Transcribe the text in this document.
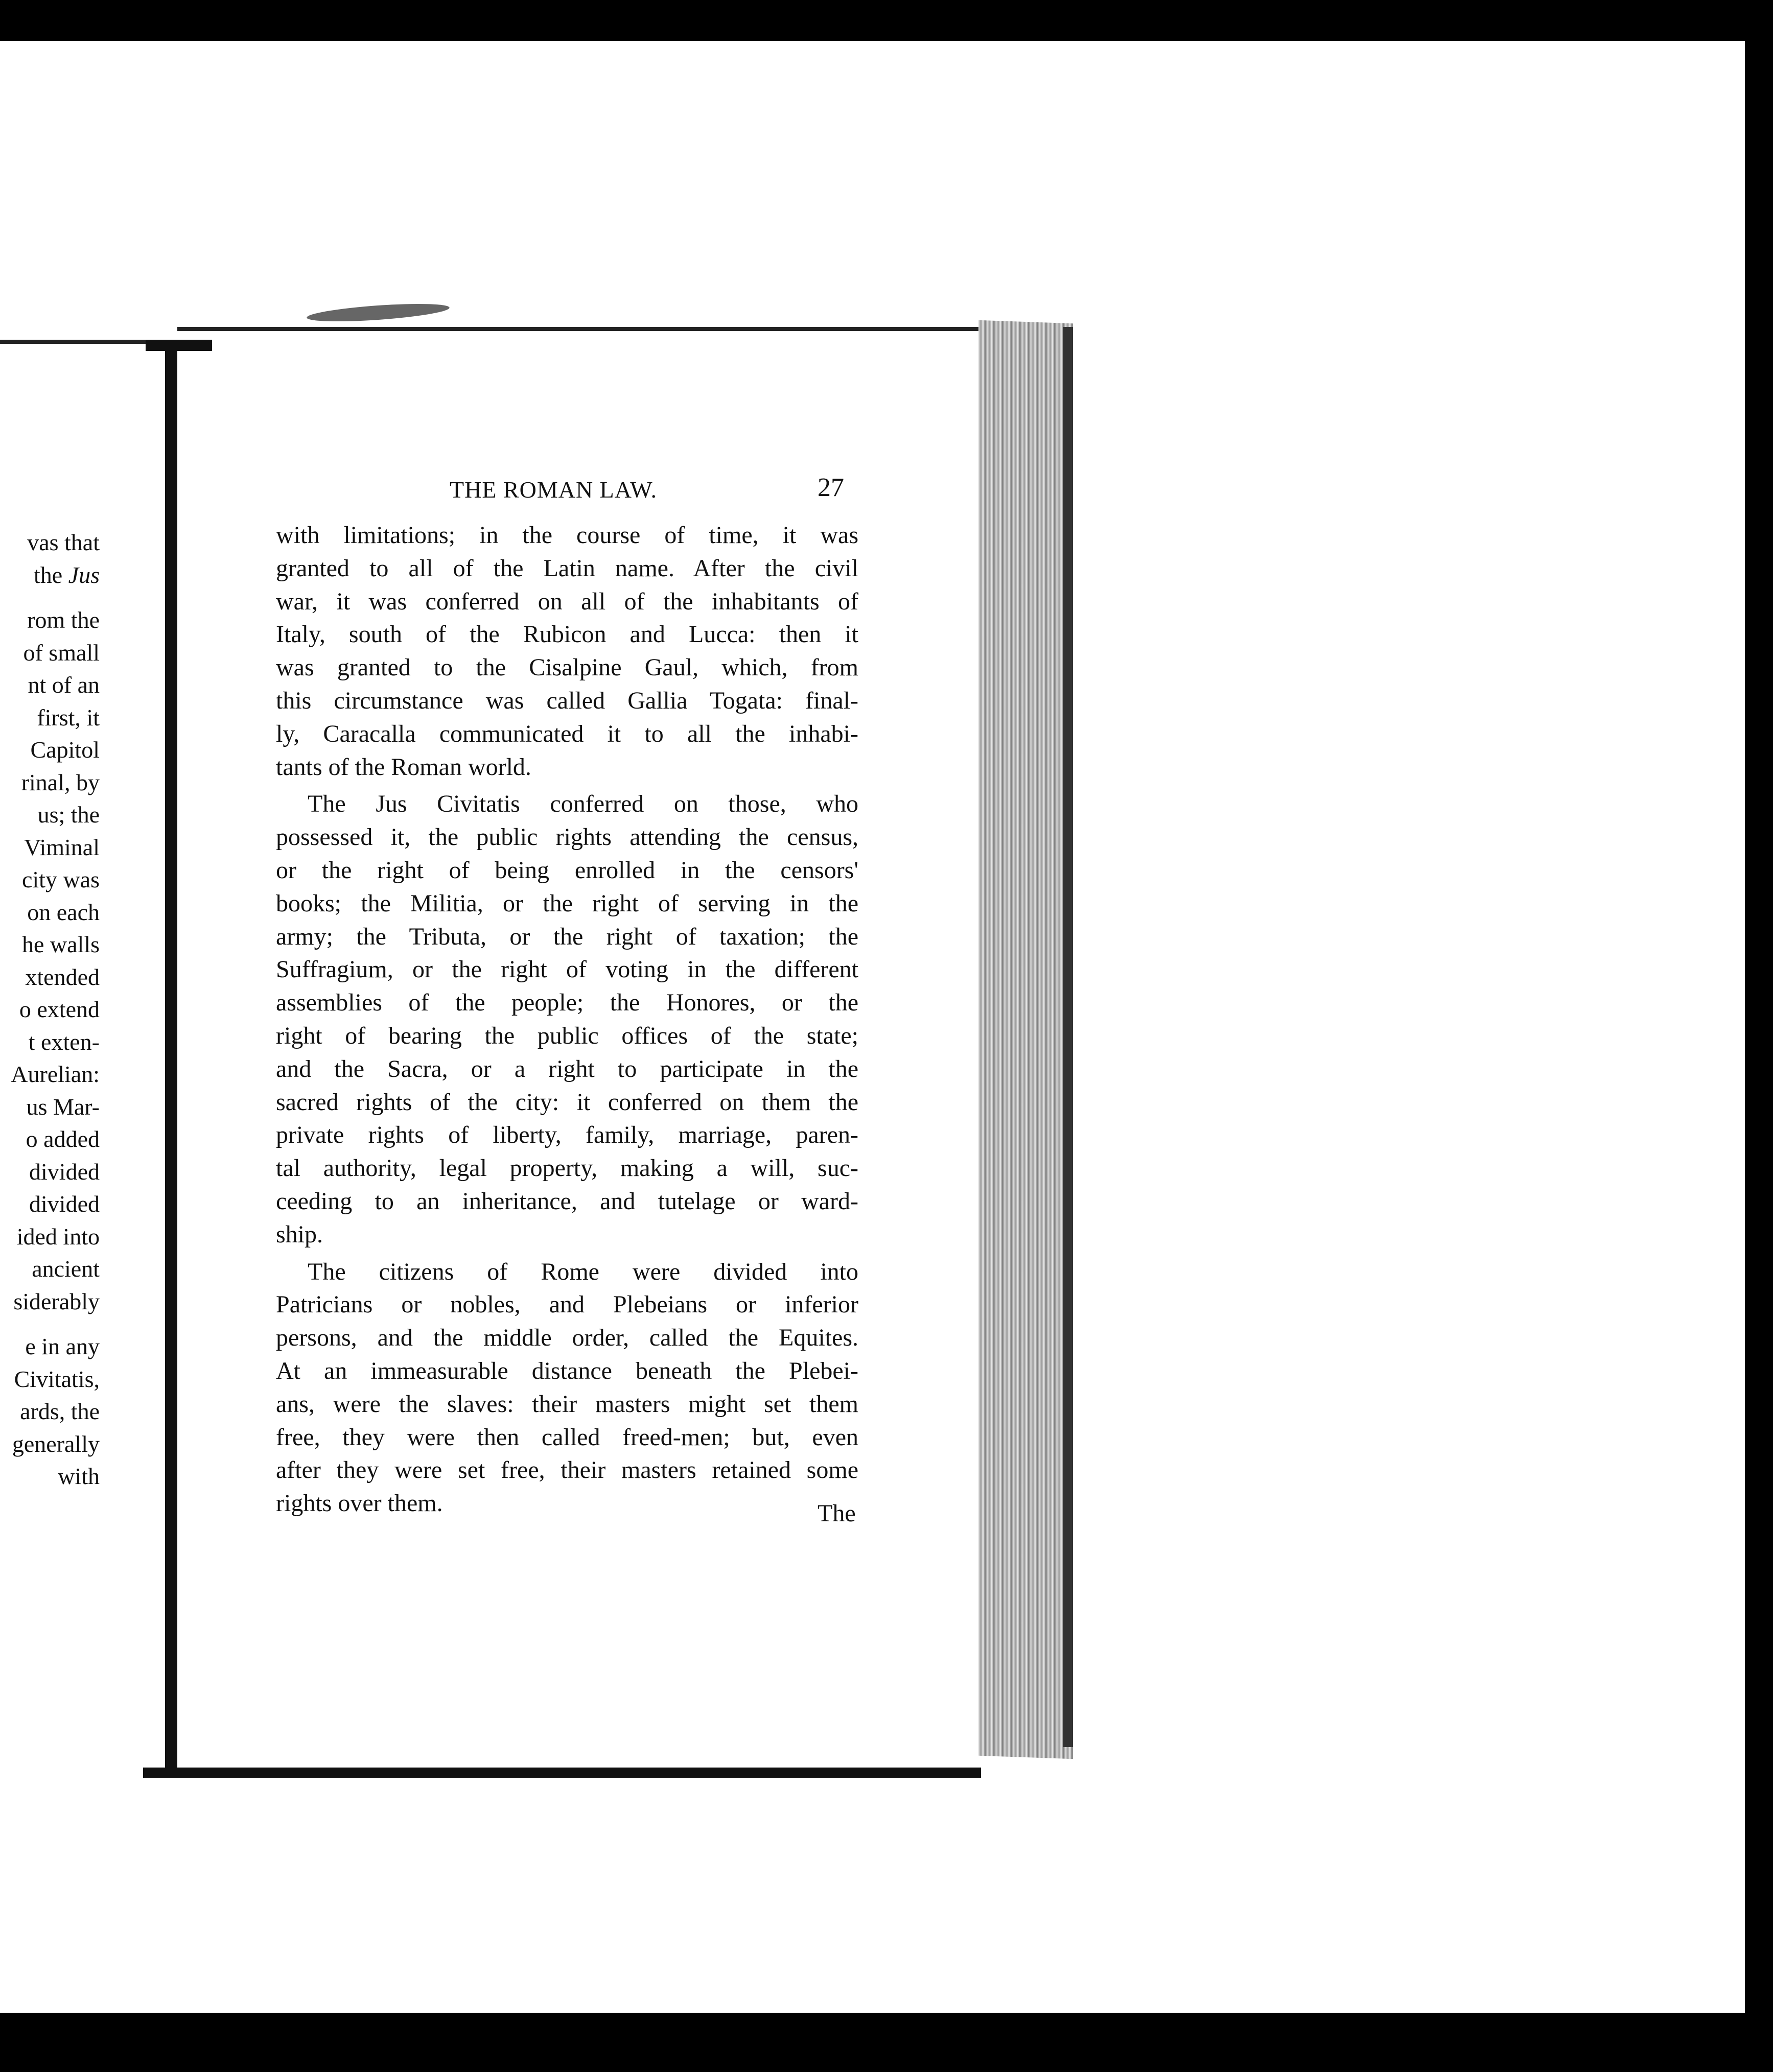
vas that
the Jus
rom the
of small
nt of an
first, it
Capitol
rinal, by
us; the
Viminal
city was
on each
he walls
xtended
o extend
t exten-
Aurelian:
us Mar-
o added
divided
divided
ided into
ancient
siderably
e in any
Civitatis,
ards, the
generally
with
THE ROMAN LAW.	27
with limitations; in the course of time, it was
granted to all of the Latin name. After the civil
war, it was conferred on all of the inhabitants of
Italy, south of the Rubicon and Lucca: then it
was granted to the Cisalpine Gaul, which, from
this circumstance was called Gallia Togata: final-
ly, Caracalla communicated it to all the inhabi-
tants of the Roman world.
The Jus Civitatis conferred on those, who
possessed it, the public rights attending the census,
or the right of being enrolled in the censors'
books; the Militia, or the right of serving in the
army; the Tributa, or the right of taxation; the
Suffragium, or the right of voting in the different
assemblies of the people; the Honores, or the
right of bearing the public offices of the state;
and the Sacra, or a right to participate in the
sacred rights of the city: it conferred on them the
private rights of liberty, family, marriage, paren-
tal authority, legal property, making a will, suc-
ceeding to an inheritance, and tutelage or ward-
ship.
The citizens of Rome were divided into
Patricians or nobles, and Plebeians or inferior
persons, and the middle order, called the Equites.
At an immeasurable distance beneath the Plebei-
ans, were the slaves: their masters might set them
free, they were then called freed-men; but, even
after they were set free, their masters retained some
rights over them.	The
